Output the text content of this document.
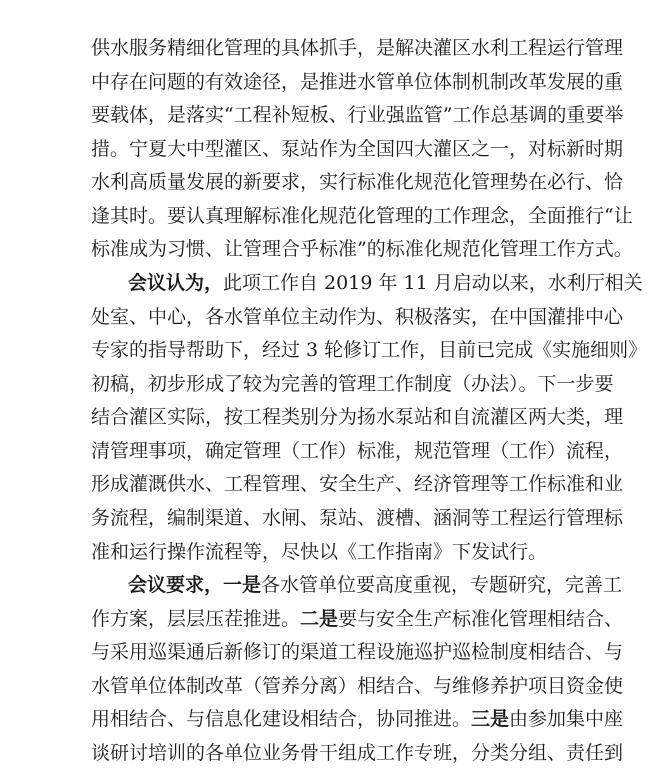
供水服务精细化管理的具体抓手，是解决灌区水利工程运行管理
中存在问题的有效途径，是推进水管单位体制机制改革发展的重
要载体，是落实“工程补短板、行业强监管”工作总基调的重要举
措。宁夏大中型灌区、泵站作为全国四大灌区之一，对标新时期
水利高质量发展的新要求，实行标准化规范化管理势在必行、恰
逢其时。要认真理解标准化规范化管理的工作理念，全面推行“让
标准成为习惯、让管理合乎标准”的标准化规范化管理工作方式。
会议认为，此项工作自 2019 年 11 月启动以来，水利厅相关
处室、中心，各水管单位主动作为、积极落实，在中国灌排中心
专家的指导帮助下，经过 3 轮修订工作，目前已完成《实施细则》
初稿，初步形成了较为完善的管理工作制度（办法）。下一步要
结合灌区实际，按工程类别分为扬水泵站和自流灌区两大类，理
清管理事项，确定管理（工作）标准，规范管理（工作）流程，
形成灌溉供水、工程管理、安全生产、经济管理等工作标准和业
务流程，编制渠道、水闸、泵站、渡槽、涵洞等工程运行管理标
准和运行操作流程等，尽快以《工作指南》下发试行。
会议要求，一是各水管单位要高度重视，专题研究，完善工
作方案，层层压茬推进。二是要与安全生产标准化管理相结合、
与采用巡渠通后新修订的渠道工程设施巡护巡检制度相结合、与
水管单位体制改革（管养分离）相结合、与维修养护项目资金使
用相结合、与信息化建设相结合，协同推进。三是由参加集中座
谈研讨培训的各单位业务骨干组成工作专班，分类分组、责任到
